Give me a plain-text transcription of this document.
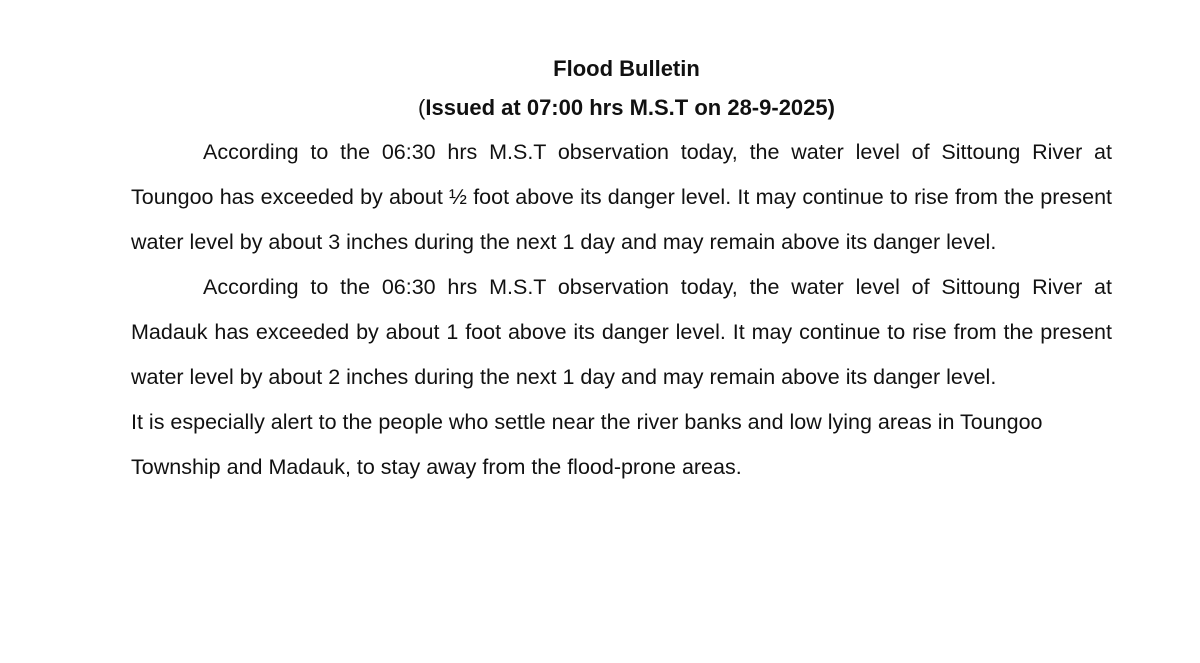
Flood Bulletin

(Issued at 07:00 hrs M.S.T on 28-9-2025)

According to the 06:30 hrs M.S.T observation today, the water level of Sittoung River at Toungoo has exceeded by about ½ foot above its danger level. It may continue to rise from the present water level by about 3 inches during the next 1 day and may remain above its danger level.

According to the 06:30 hrs M.S.T observation today, the water level of Sittoung River at Madauk has exceeded by about 1 foot above its danger level. It may continue to rise from the present water level by about 2 inches during the next 1 day and may remain above its danger level.

It is especially alert to the people who settle near the river banks and low lying areas in Toungoo Township and Madauk, to stay away from the flood-prone areas.
